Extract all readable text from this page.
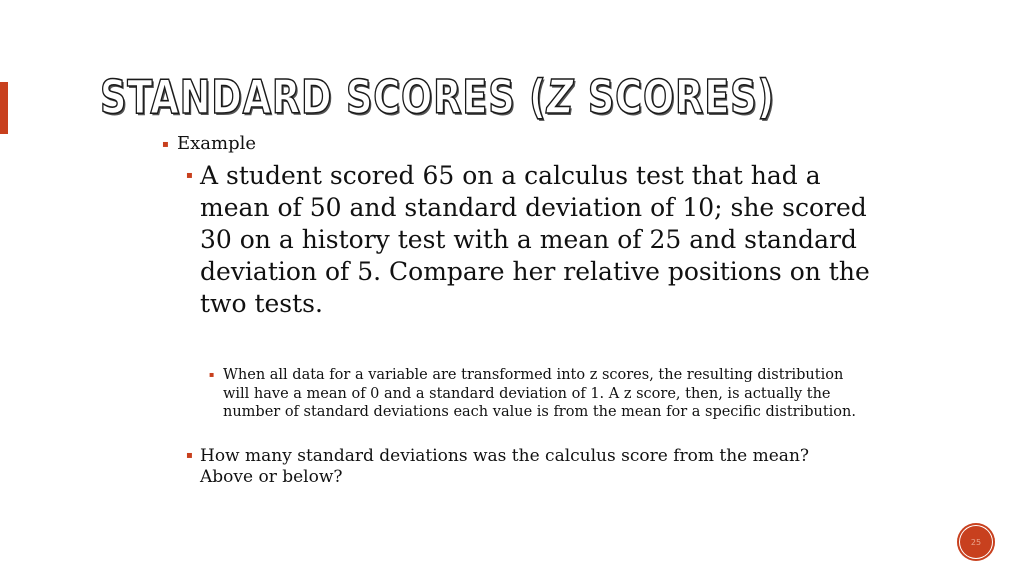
STANDARD SCORES (Z SCORES)
▪ Example
▪ A student scored 65 on a calculus test that had a mean of 50 and standard deviation of 10; she scored 30 on a history test with a mean of 25 and standard deviation of 5. Compare her relative positions on the two tests.
▪ When all data for a variable are transformed into z scores, the resulting distribution will have a mean of 0 and a standard deviation of 1. A z score, then, is actually the number of standard deviations each value is from the mean for a specific distribution.
▪ How many standard deviations was the calculus score from the mean? Above or below?
25
